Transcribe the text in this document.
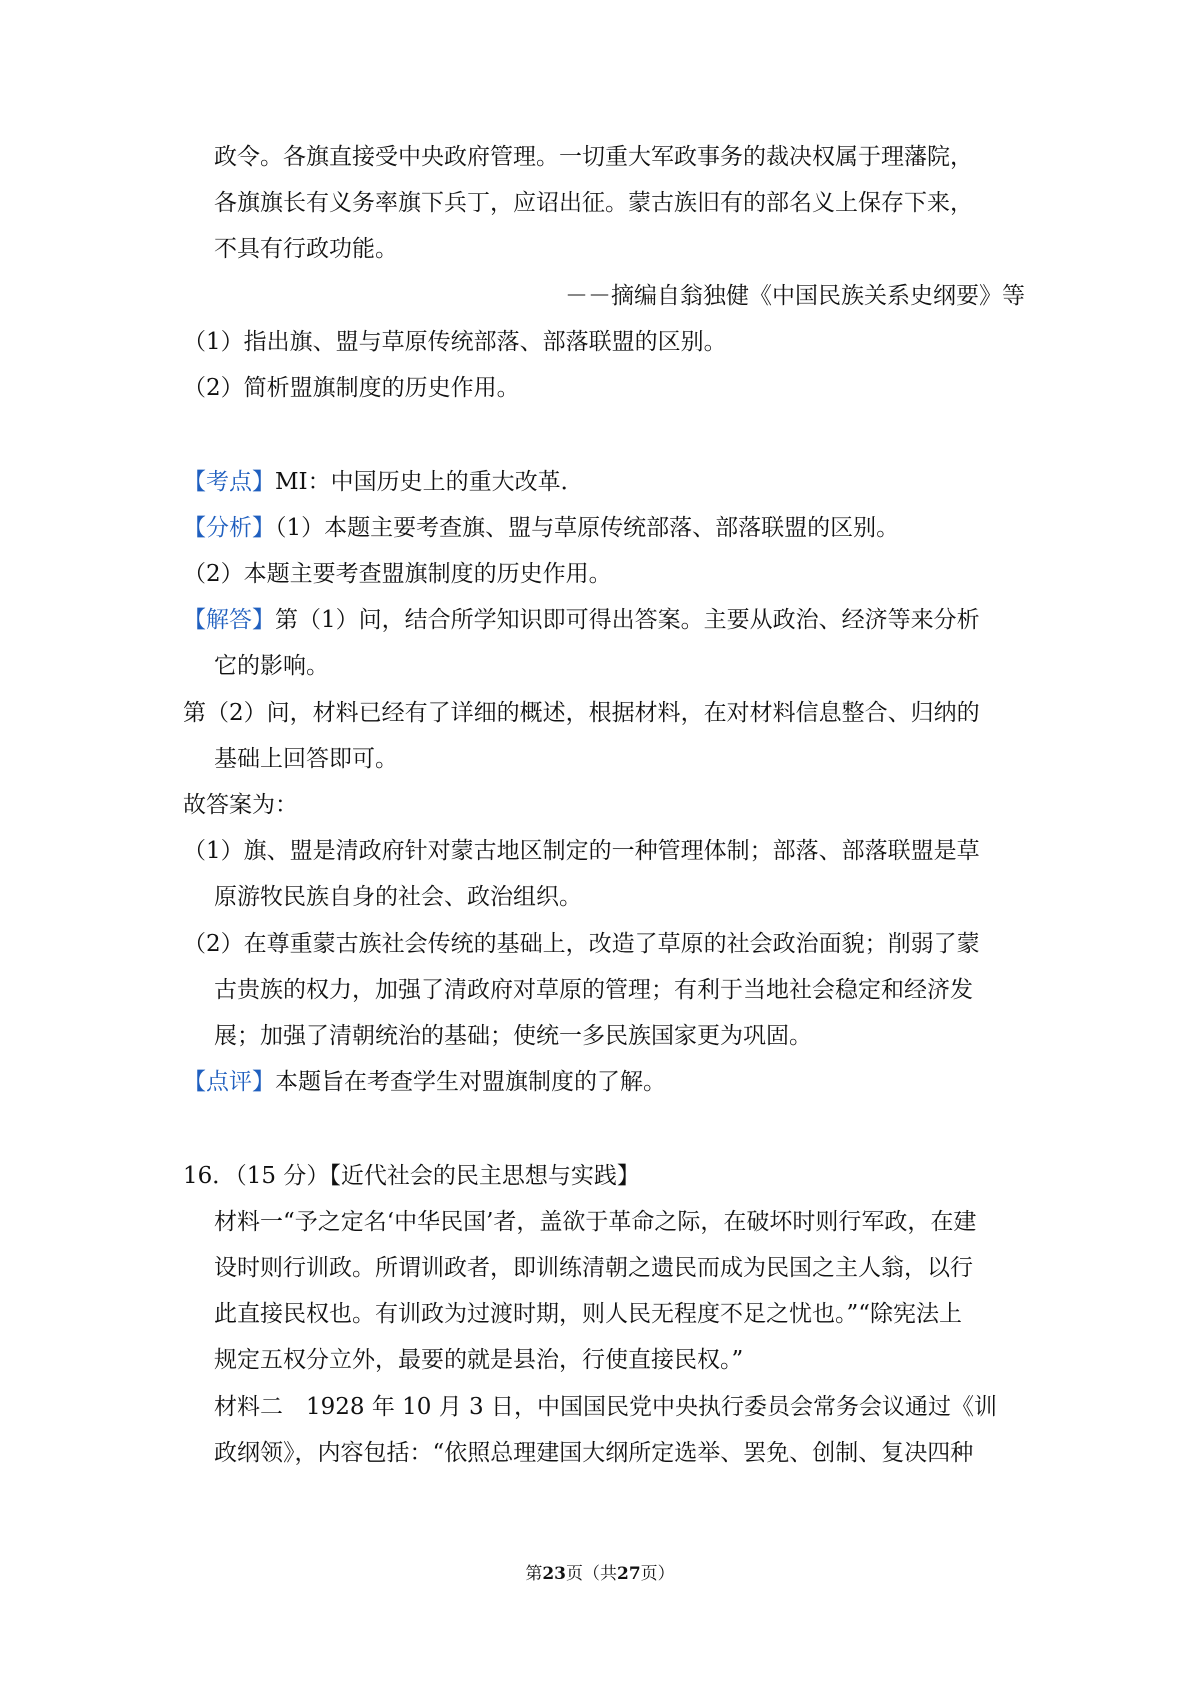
政令。各旗直接受中央政府管理。一切重大军政事务的裁决权属于理藩院，
各旗旗长有义务率旗下兵丁，应诏出征。蒙古族旧有的部名义上保存下来，
不具有行政功能。
－－摘编自翁独健《中国民族关系史纲要》等
（1）指出旗、盟与草原传统部落、部落联盟的区别。
（2）简析盟旗制度的历史作用。
【考点】MI：中国历史上的重大改革．
【分析】（1）本题主要考查旗、盟与草原传统部落、部落联盟的区别。
（2）本题主要考查盟旗制度的历史作用。
【解答】第（1）问，结合所学知识即可得出答案。主要从政治、经济等来分析
它的影响。
第（2）问，材料已经有了详细的概述，根据材料，在对材料信息整合、归纳的
基础上回答即可。
故答案为：
（1）旗、盟是清政府针对蒙古地区制定的一种管理体制；部落、部落联盟是草
原游牧民族自身的社会、政治组织。
（2）在尊重蒙古族社会传统的基础上，改造了草原的社会政治面貌；削弱了蒙
古贵族的权力，加强了清政府对草原的管理；有利于当地社会稳定和经济发
展；加强了清朝统治的基础；使统一多民族国家更为巩固。
【点评】本题旨在考查学生对盟旗制度的了解。
16．（15 分）【近代社会的民主思想与实践】
材料一“予之定名‘中华民国’者，盖欲于革命之际，在破坏时则行军政，在建
设时则行训政。所谓训政者，即训练清朝之遗民而成为民国之主人翁，以行
此直接民权也。有训政为过渡时期，则人民无程度不足之忧也。”“除宪法上
规定五权分立外，最要的就是县治，行使直接民权。”
材料二　1928 年 10 月 3 日，中国国民党中央执行委员会常务会议通过《训
政纲领》，内容包括：“依照总理建国大纲所定选举、罢免、创制、复决四种
第23页（共27页）
